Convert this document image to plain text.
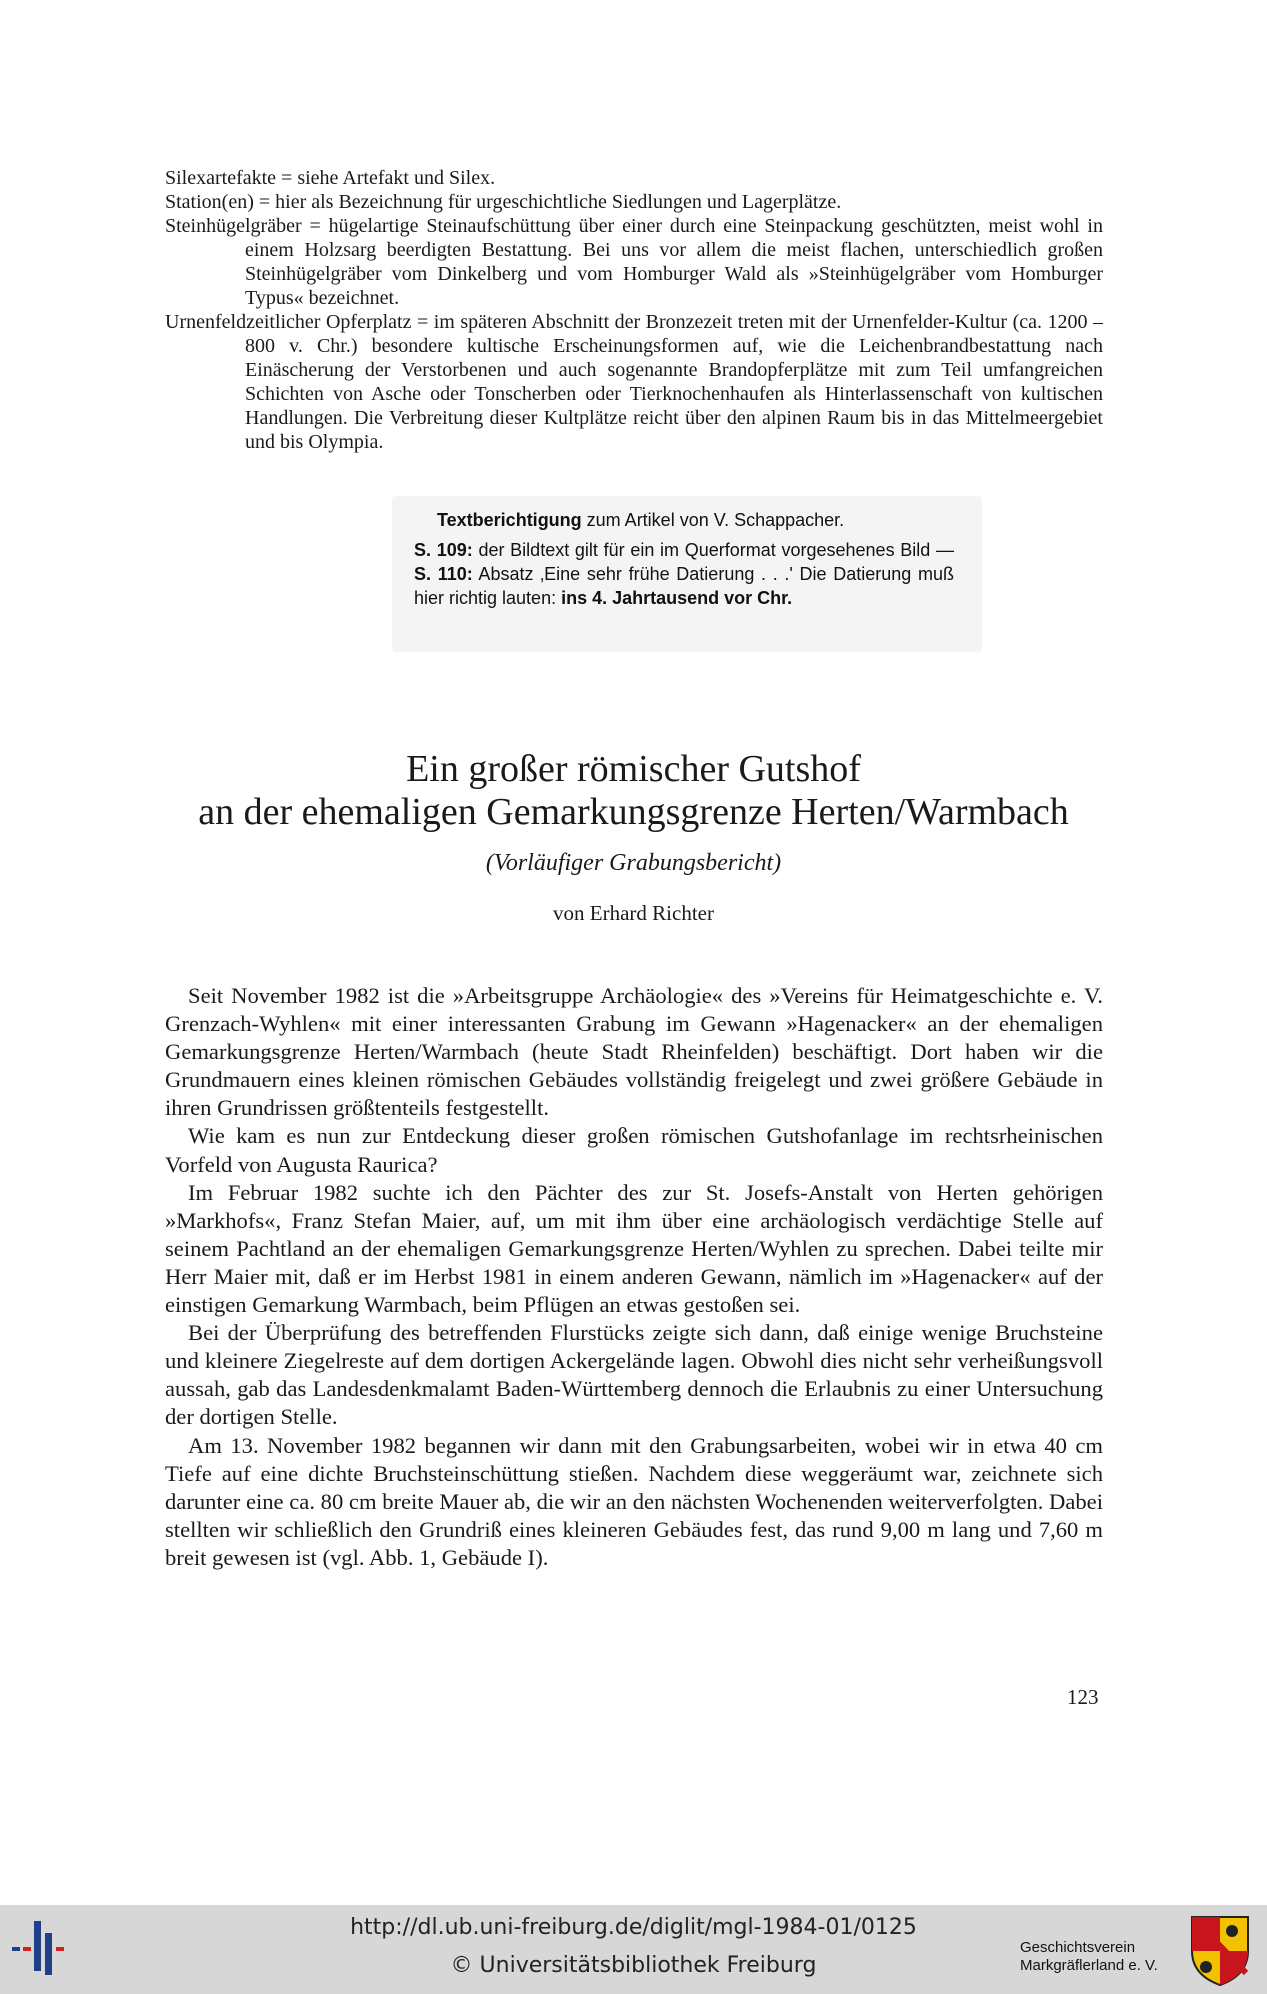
Silexartefakte = siehe Artefakt und Silex.

Station(en) = hier als Bezeichnung für urgeschichtliche Siedlungen und Lagerplätze.

Steinhügelgräber = hügelartige Steinaufschüttung über einer durch eine Steinpackung geschützten, meist wohl in einem Holzsarg beerdigten Bestattung. Bei uns vor allem die meist flachen, unterschiedlich großen Steinhügelgräber vom Dinkelberg und vom Homburger Wald als »Steinhügelgräber vom Homburger Typus« bezeichnet.

Urnenfeldzeitlicher Opferplatz = im späteren Abschnitt der Bronzezeit treten mit der Urnenfelder-Kultur (ca. 1200 – 800 v. Chr.) besondere kultische Erscheinungsformen auf, wie die Leichenbrandbestattung nach Einäscherung der Verstorbenen und auch sogenannte Brandopferplätze mit zum Teil umfangreichen Schichten von Asche oder Tonscherben oder Tierknochenhaufen als Hinterlassenschaft von kultischen Handlungen. Die Verbreitung dieser Kultplätze reicht über den alpinen Raum bis in das Mittelmeergebiet und bis Olympia.

Textberichtigung zum Artikel von V. Schappacher.
S. 109: der Bildtext gilt für ein im Querformat vorgesehenes Bild — S. 110: Absatz ‚Eine sehr frühe Datierung . . .' Die Datierung muß hier richtig lauten: ins 4. Jahrtausend vor Chr.
Ein großer römischer Gutshof
an der ehemaligen Gemarkungsgrenze Herten/Warmbach
(Vorläufiger Grabungsbericht)
von Erhard Richter

Seit November 1982 ist die »Arbeitsgruppe Archäologie« des »Vereins für Heimatgeschichte e. V. Grenzach-Wyhlen« mit einer interessanten Grabung im Gewann »Hagenacker« an der ehemaligen Gemarkungsgrenze Herten/Warmbach (heute Stadt Rheinfelden) beschäftigt. Dort haben wir die Grundmauern eines kleinen römischen Gebäudes vollständig freigelegt und zwei größere Gebäude in ihren Grundrissen größtenteils festgestellt.

Wie kam es nun zur Entdeckung dieser großen römischen Gutshofanlage im rechtsrheinischen Vorfeld von Augusta Raurica?

Im Februar 1982 suchte ich den Pächter des zur St. Josefs-Anstalt von Herten gehörigen »Markhofs«, Franz Stefan Maier, auf, um mit ihm über eine archäologisch verdächtige Stelle auf seinem Pachtland an der ehemaligen Gemarkungsgrenze Herten/Wyhlen zu sprechen. Dabei teilte mir Herr Maier mit, daß er im Herbst 1981 in einem anderen Gewann, nämlich im »Hagenacker« auf der einstigen Gemarkung Warmbach, beim Pflügen an etwas gestoßen sei.

Bei der Überprüfung des betreffenden Flurstücks zeigte sich dann, daß einige wenige Bruchsteine und kleinere Ziegelreste auf dem dortigen Ackergelände lagen. Obwohl dies nicht sehr verheißungsvoll aussah, gab das Landesdenkmalamt Baden-Württemberg dennoch die Erlaubnis zu einer Untersuchung der dortigen Stelle.

Am 13. November 1982 begannen wir dann mit den Grabungsarbeiten, wobei wir in etwa 40 cm Tiefe auf eine dichte Bruchsteinschüttung stießen. Nachdem diese weggeräumt war, zeichnete sich darunter eine ca. 80 cm breite Mauer ab, die wir an den nächsten Wochenenden weiterverfolgten. Dabei stellten wir schließlich den Grundriß eines kleineren Gebäudes fest, das rund 9,00 m lang und 7,60 m breit gewesen ist (vgl. Abb. 1, Gebäude I).

123
http://dl.ub.uni-freiburg.de/diglit/mgl-1984-01/0125
© Universitätsbibliothek Freiburg
Geschichtsverein
Markgräflerland e. V.
